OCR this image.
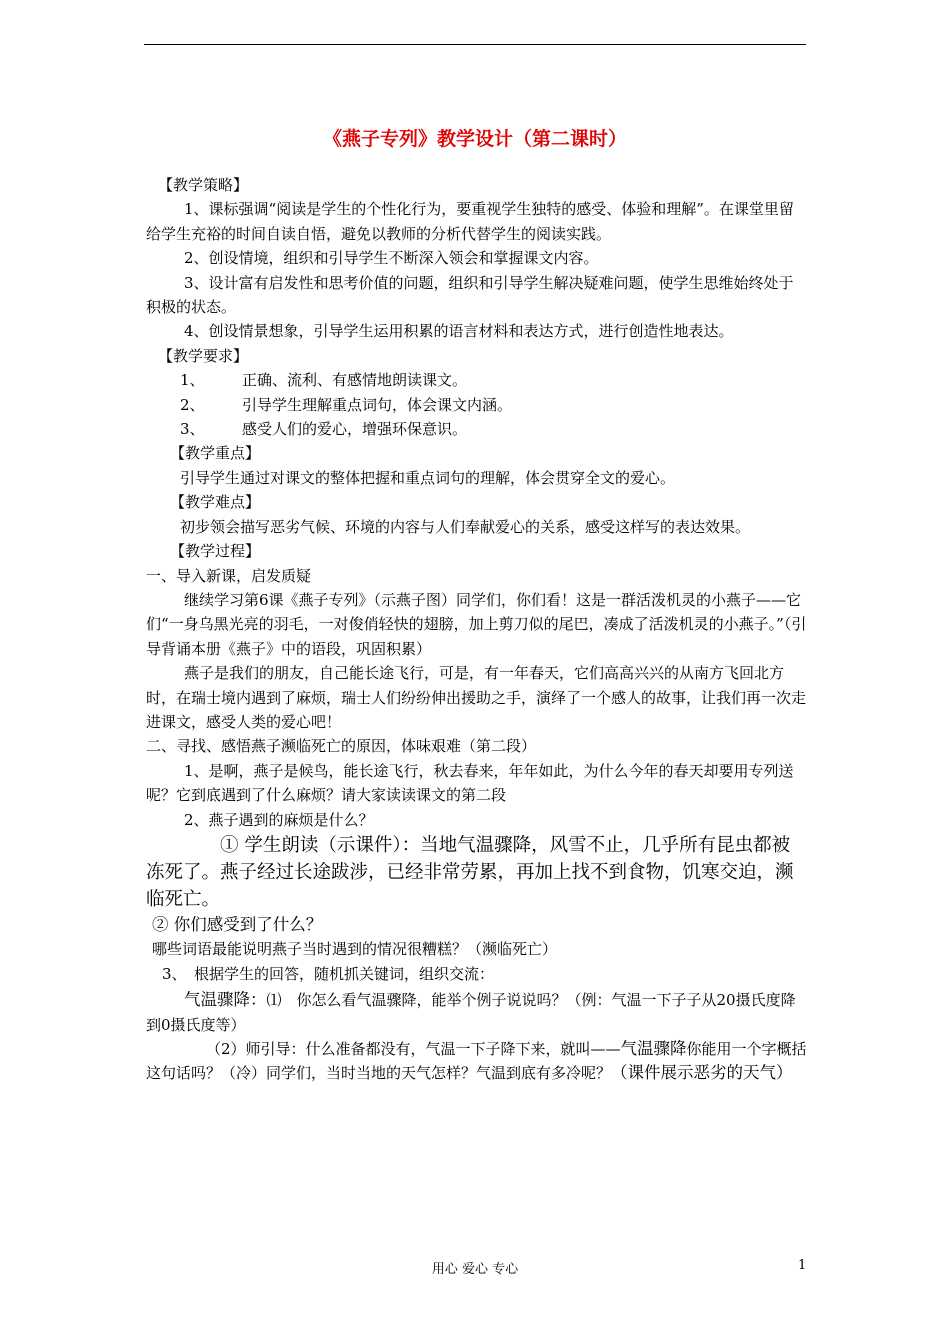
《燕子专列》教学设计（第二课时）

【教学策略】

1、课标强调“阅读是学生的个性化行为，要重视学生独特的感受、体验和理解”。在课堂里留给学生充裕的时间自读自悟，避免以教师的分析代替学生的阅读实践。

2、创设情境，组织和引导学生不断深入领会和掌握课文内容。

3、设计富有启发性和思考价值的问题，组织和引导学生解决疑难问题，使学生思维始终处于积极的状态。

4、创设情景想象，引导学生运用积累的语言材料和表达方式，进行创造性地表达。

【教学要求】

1、 正确、流利、有感情地朗读课文。

2、 引导学生理解重点词句，体会课文内涵。

3、 感受人们的爱心，增强环保意识。

【教学重点】

引导学生通过对课文的整体把握和重点词句的理解，体会贯穿全文的爱心。

【教学难点】

初步领会描写恶劣气候、环境的内容与人们奉献爱心的关系，感受这样写的表达效果。

【教学过程】

一、导入新课，启发质疑

继续学习第6课《燕子专列》（示燕子图）同学们，你们看！这是一群活泼机灵的小燕子——它们“一身乌黑光亮的羽毛，一对俊俏轻快的翅膀，加上剪刀似的尾巴，凑成了活泼机灵的小燕子。”（引导背诵本册《燕子》中的语段，巩固积累）

燕子是我们的朋友，自己能长途飞行，可是，有一年春天，它们高高兴兴的从南方飞回北方时，在瑞士境内遇到了麻烦，瑞士人们纷纷伸出援助之手，演绎了一个感人的故事，让我们再一次走进课文，感受人类的爱心吧！

二、寻找、感悟燕子濒临死亡的原因，体味艰难（第二段）

1、是啊，燕子是候鸟，能长途飞行，秋去春来，年年如此，为什么今年的春天却要用专列送呢？它到底遇到了什么麻烦？请大家读读课文的第二段

2、燕子遇到的麻烦是什么？

① 学生朗读（示课件）：当地气温骤降，风雪不止，几乎所有昆虫都被冻死了。燕子经过长途跋涉，已经非常劳累，再加上找不到食物，饥寒交迫，濒临死亡。

② 你们感受到了什么？

哪些词语最能说明燕子当时遇到的情况很糟糕？（濒临死亡）

3、　根据学生的回答，随机抓关键词，组织交流：

气温骤降：⑴　你怎么看气温骤降，能举个例子说说吗？（例：气温一下子子从20摄氏度降到0摄氏度等）

（2）师引导：什么准备都没有，气温一下子降下来，就叫——气温骤降你能用一个字概括这句话吗？（冷）同学们，当时当地的天气怎样？气温到底有多冷呢？（课件展示恶劣的天气）

用心 爱心 专心	1
